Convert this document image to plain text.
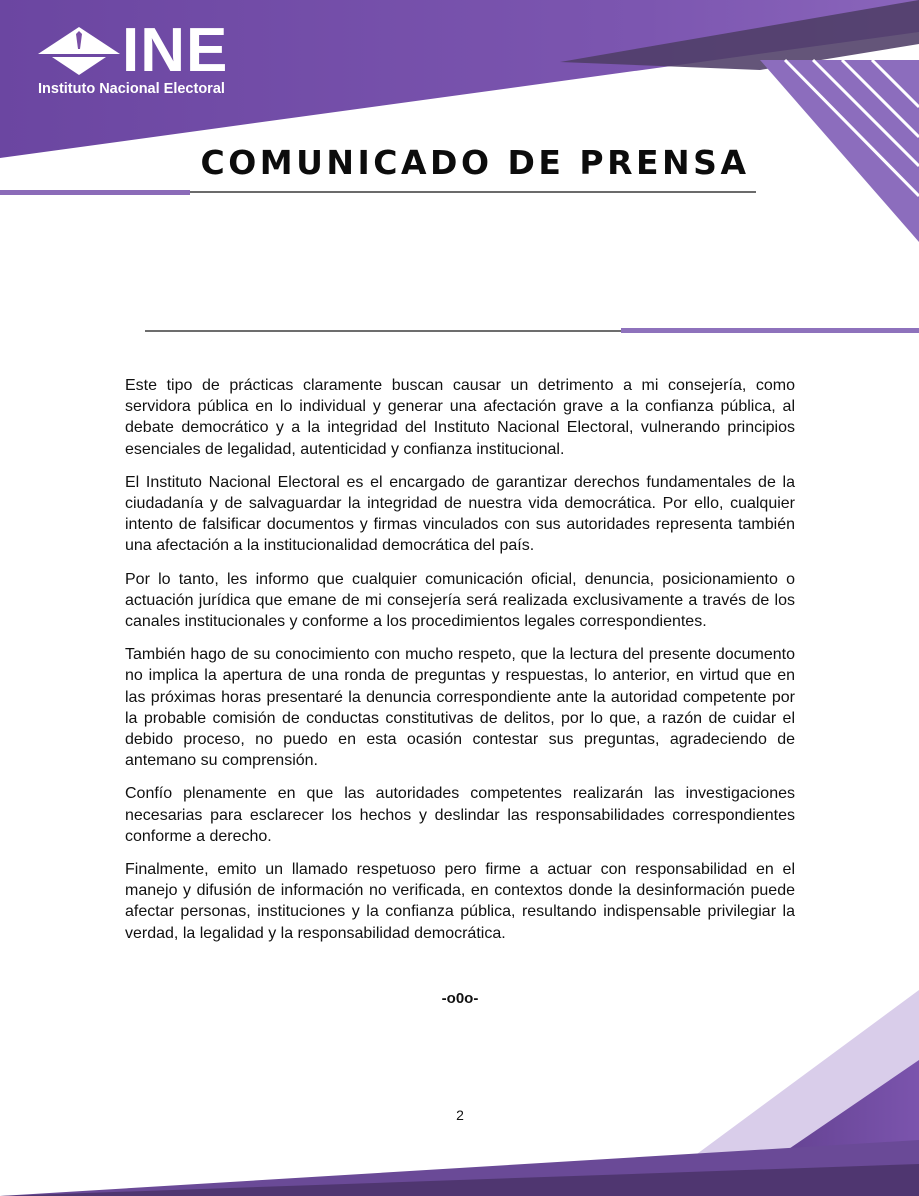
INE
Instituto Nacional Electoral
COMUNICADO DE PRENSA

Este tipo de prácticas claramente buscan causar un detrimento a mi consejería, como servidora pública en lo individual y generar una afectación grave a la confianza pública, al debate democrático y a la integridad del Instituto Nacional Electoral, vulnerando principios esenciales de legalidad, autenticidad y confianza institucional.

El Instituto Nacional Electoral es el encargado de garantizar derechos fundamentales de la ciudadanía y de salvaguardar la integridad de nuestra vida democrática. Por ello, cualquier intento de falsificar documentos y firmas vinculados con sus autoridades representa también una afectación a la institucionalidad democrática del país.

Por lo tanto, les informo que cualquier comunicación oficial, denuncia, posicionamiento o actuación jurídica que emane de mi consejería será realizada exclusivamente a través de los canales institucionales y conforme a los procedimientos legales correspondientes.

También hago de su conocimiento con mucho respeto, que la lectura del presente documento no implica la apertura de una ronda de preguntas y respuestas, lo anterior, en virtud que en las próximas horas presentaré la denuncia correspondiente ante la autoridad competente por la probable comisión de conductas constitutivas de delitos, por lo que, a razón de cuidar el debido proceso, no puedo en esta ocasión contestar sus preguntas, agradeciendo de antemano su comprensión.

Confío plenamente en que las autoridades competentes realizarán las investigaciones necesarias para esclarecer los hechos y deslindar las responsabilidades correspondientes conforme a derecho.

Finalmente, emito un llamado respetuoso pero firme a actuar con responsabilidad en el manejo y difusión de información no verificada, en contextos donde la desinformación puede afectar personas, instituciones y la confianza pública, resultando indispensable privilegiar la verdad, la legalidad y la responsabilidad democrática.

-o0o-
2
